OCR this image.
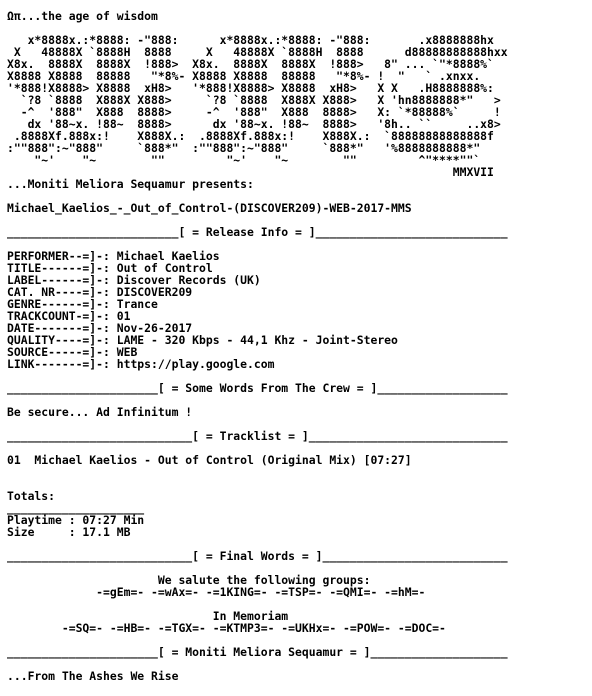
Ωπ...the age of wisdom
x*8888x.:*8888: -"888:      x*8888x.:*8888: -"888:       .x8888888hx
X   48888X `8888H  8888     X   48888X `8888H  8888      d88888888888hxx
X8x.  8888X  8888X  !888>  X8x.  8888X  8888X  !888>   8" ... `"*8888%`
X8888 X8888  88888   "*8%- X8888 X8888  88888   "*8%- !  "   ` .xnxx.
'*888!X8888> X8888  xH8>   '*888!X8888> X8888  xH8>   X X   .H8888888%:
`?8 `8888  X888X X888>     `?8 `8888  X888X X888>   X 'hn8888888*"   >
-^  '888"  X888  8888>     -^  '888"  X888  8888>   X: `*88888%`     !
dx '88~x. !88~  8888>      dx '88~x. !88~  8888>   '8h.. ``     ..x8>
.8888Xf.888x:!    X888X.:  .8888Xf.888x:!    X888X.:  `88888888888888f
:""888":~"888"     `888*"  :""888":~"888"     `888*"   '%8888888888*"
"~'    "~        ""         "~'    "~        ""         ^"****""`
MMXVII
...Moniti Meliora Sequamur presents:
Michael_Kaelios_-_Out_of_Control-(DISCOVER209)-WEB-2017-MMS
_________________________[ = Release Info = ]____________________________
PERFORMER--=]-: Michael Kaelios
TITLE------=]-: Out of Control
LABEL------=]-: Discover Records (UK)
CAT. NR----=]-: DISCOVER209
GENRE------=]-: Trance
TRACKCOUNT-=]-: 01
DATE-------=]-: Nov-26-2017
QUALITY----=]-: LAME - 320 Kbps - 44,1 Khz - Joint-Stereo
SOURCE-----=]-: WEB
LINK-------=]-: https://play.google.com
______________________[ = Some Words From The Crew = ]___________________
Be secure... Ad Infinitum !
___________________________[ = Tracklist = ]_____________________________
01  Michael Kaelios - Out of Control (Original Mix) [07:27]
Totals:
____________________
Playtime : 07:27 Min
Size     : 17.1 MB
___________________________[ = Final Words = ]___________________________
We salute the following groups:
-=gEm=- -=wAx=- -=1KING=- -=TSP=- -=QMI=- -=hM=-
In Memoriam
-=SQ=- -=HB=- -=TGX=- -=KTMP3=- -=UKHx=- -=POW=- -=DOC=-
______________________[ = Moniti Meliora Sequamur = ]____________________
...From The Ashes We Rise
